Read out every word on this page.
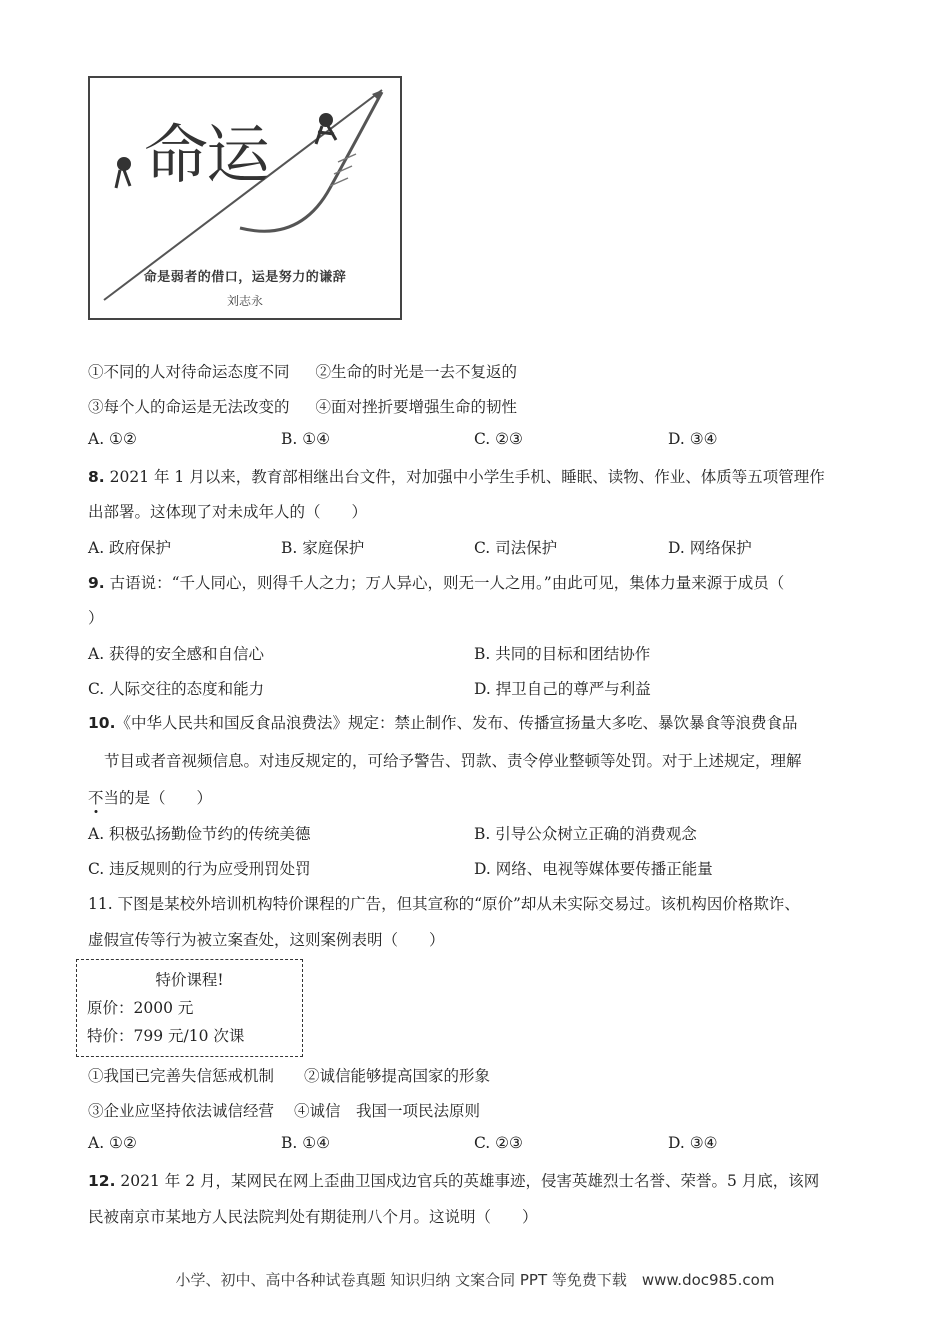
命运
命是弱者的借口，运是努力的谦辞
刘志永
①不同的人对待命运态度不同 ②生命的时光是一去不复返的
③每个人的命运是无法改变的 ④面对挫折要增强生命的韧性
A. ①②	B. ①④	C. ②③	D. ③④
8. 2021 年 1 月以来，教育部相继出台文件，对加强中小学生手机、睡眠、读物、作业、体质等五项管理作
出部署。这体现了对未成年人的（　　）
A. 政府保护	B. 家庭保护	C. 司法保护	D. 网络保护
9. 古语说：“千人同心，则得千人之力；万人异心，则无一人之用。”由此可见，集体力量来源于成员（
）
A. 获得的安全感和自信心	B. 共同的目标和团结协作
C. 人际交往的态度和能力	D. 捍卫自己的尊严与利益
10.《中华人民共和国反食品浪费法》规定：禁止制作、发布、传播宣扬量大多吃、暴饮暴食等浪费食品
节目或者音视频信息。对违反规定的，可给予警告、罚款、责令停业整顿等处罚。对于上述规定，理解
不当的是（　　）
A. 积极弘扬勤俭节约的传统美德	B. 引导公众树立正确的消费观念
C. 违反规则的行为应受刑罚处罚	D. 网络、电视等媒体要传播正能量
11. 下图是某校外培训机构特价课程的广告，但其宣称的“原价”却从未实际交易过。该机构因价格欺诈、
虚假宣传等行为被立案查处，这则案例表明（　　）
特价课程!
原价：2000 元
特价：799 元/10 次课
①我国已完善失信惩戒机制 ②诚信能够提高国家的形象
③企业应坚持依法诚信经营 ④诚信　我国一项民法原则
A. ①②	B. ①④	C. ②③	D. ③④
12. 2021 年 2 月，某网民在网上歪曲卫国戍边官兵的英雄事迹，侵害英雄烈士名誉、荣誉。5 月底，该网
民被南京市某地方人民法院判处有期徒刑八个月。这说明（　　）
小学、初中、高中各种试卷真题 知识归纳 文案合同 PPT 等免费下载　www.doc985.com
